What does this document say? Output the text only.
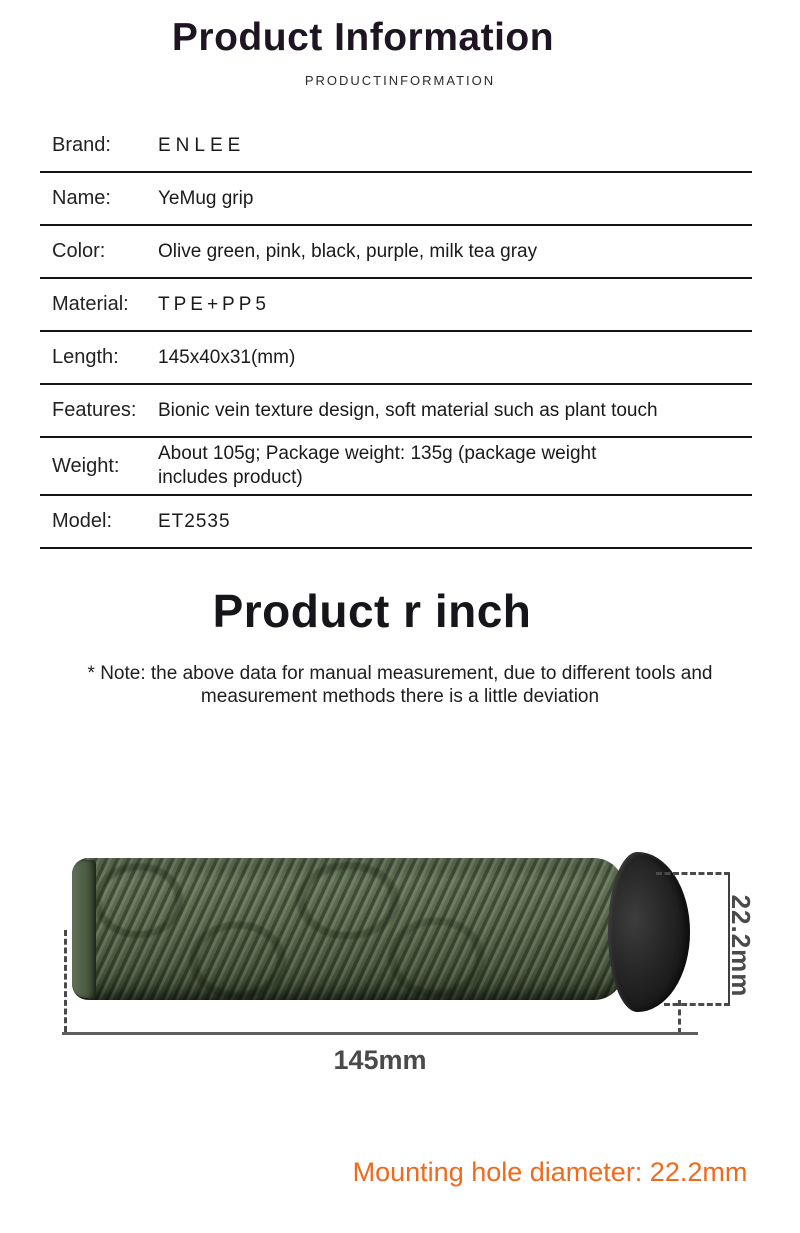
Product Information
PRODUCTINFORMATION
Brand:	ENLEE
Name:	YeMug grip
Color:	Olive green, pink, black, purple, milk tea gray
Material:	TPE+PP5
Length:	145x40x31(mm)
Features:	Bionic vein texture design, soft material such as plant touch
Weight:
About 105g; Package weight: 135g (package weight includes product)
Model:	ET2535
Product r inch
* Note: the above data for manual measurement, due to different tools and
measurement methods there is a little deviation
145mm
22.2mm
Mounting hole diameter: 22.2mm
